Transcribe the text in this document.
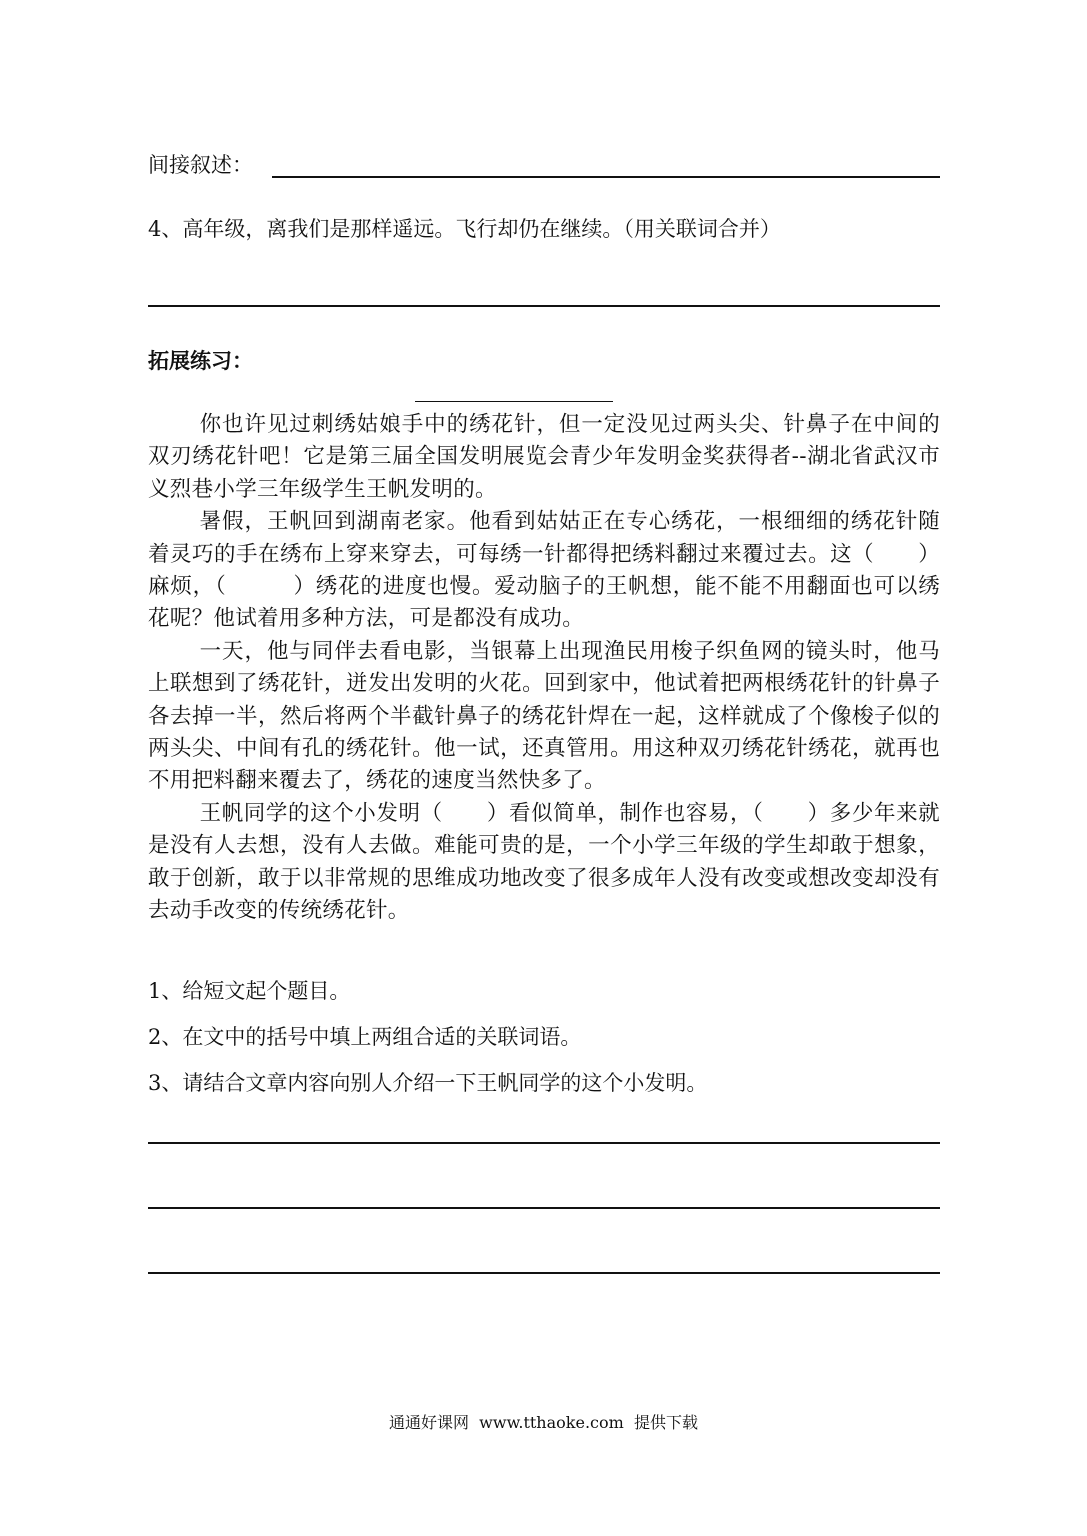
间接叙述：
4、高年级，离我们是那样遥远。飞行却仍在继续。（用关联词合并）
拓展练习：

你也许见过刺绣姑娘手中的绣花针，但一定没见过两头尖、针鼻子在中间的双刃绣花针吧！它是第三届全国发明展览会青少年发明金奖获得者--湖北省武汉市义烈巷小学三年级学生王帆发明的。

暑假，王帆回到湖南老家。他看到姑姑正在专心绣花，一根细细的绣花针随着灵巧的手在绣布上穿来穿去，可每绣一针都得把绣料翻过来覆过去。这（　　）麻烦，（　　　）绣花的进度也慢。爱动脑子的王帆想，能不能不用翻面也可以绣花呢？他试着用多种方法，可是都没有成功。

一天，他与同伴去看电影，当银幕上出现渔民用梭子织鱼网的镜头时，他马上联想到了绣花针，迸发出发明的火花。回到家中，他试着把两根绣花针的针鼻子各去掉一半，然后将两个半截针鼻子的绣花针焊在一起，这样就成了个像梭子似的两头尖、中间有孔的绣花针。他一试，还真管用。用这种双刃绣花针绣花，就再也不用把料翻来覆去了，绣花的速度当然快多了。

王帆同学的这个小发明（　　）看似简单，制作也容易，（　　）多少年来就是没有人去想，没有人去做。难能可贵的是，一个小学三年级的学生却敢于想象，敢于创新，敢于以非常规的思维成功地改变了很多成年人没有改变或想改变却没有去动手改变的传统绣花针。

1、给短文起个题目。
2、在文中的括号中填上两组合适的关联词语。
3、请结合文章内容向别人介绍一下王帆同学的这个小发明。
通通好课网  www.tthaoke.com  提供下载
